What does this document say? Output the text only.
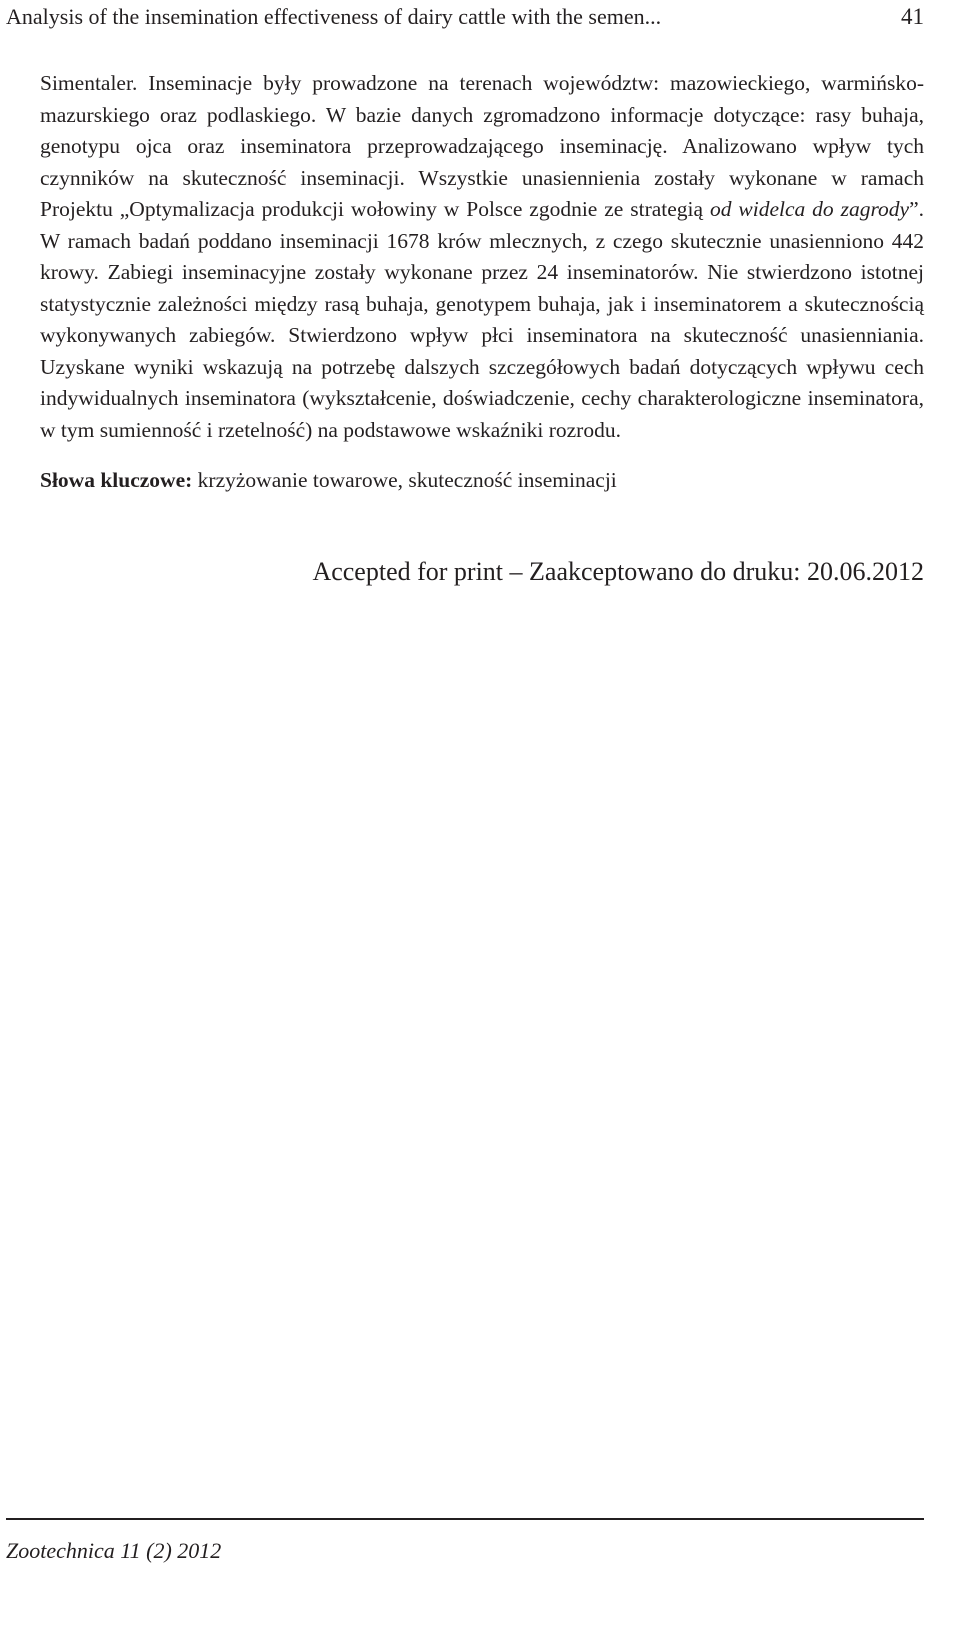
Analysis of the insemination effectiveness of dairy cattle with the semen...	41

Simentaler. Inseminacje były prowadzone na terenach województw: mazowieckiego, warmińsko-mazurskiego oraz podlaskiego. W bazie danych zgromadzono informacje dotyczące: rasy buhaja, genotypu ojca oraz inseminatora przeprowadzającego inseminację. Analizowano wpływ tych czynników na skuteczność inseminacji. Wszystkie unasiennienia zostały wykonane w ramach Projektu „Optymalizacja produkcji wołowiny w Polsce zgodnie ze strategią od widelca do zagrody”. W ramach badań poddano inseminacji 1678 krów mlecznych, z czego skutecznie unasienniono 442 krowy. Zabiegi inseminacyjne zostały wykonane przez 24 inseminatorów. Nie stwierdzono istotnej statystycznie zależności między rasą buhaja, genotypem buhaja, jak i inseminatorem a skutecznością wykonywanych zabiegów. Stwierdzono wpływ płci inseminatora na skuteczność unasienniania. Uzyskane wyniki wskazują na potrzebę dalszych szczegółowych badań dotyczących wpływu cech indywidualnych inseminatora (wykształcenie, doświadczenie, cechy charakterologiczne inseminatora, w tym sumienność i rzetelność) na podstawowe wskaźniki rozrodu.

Słowa kluczowe: krzyżowanie towarowe, skuteczność inseminacji

Accepted for print – Zaakceptowano do druku: 20.06.2012
Zootechnica 11 (2) 2012
